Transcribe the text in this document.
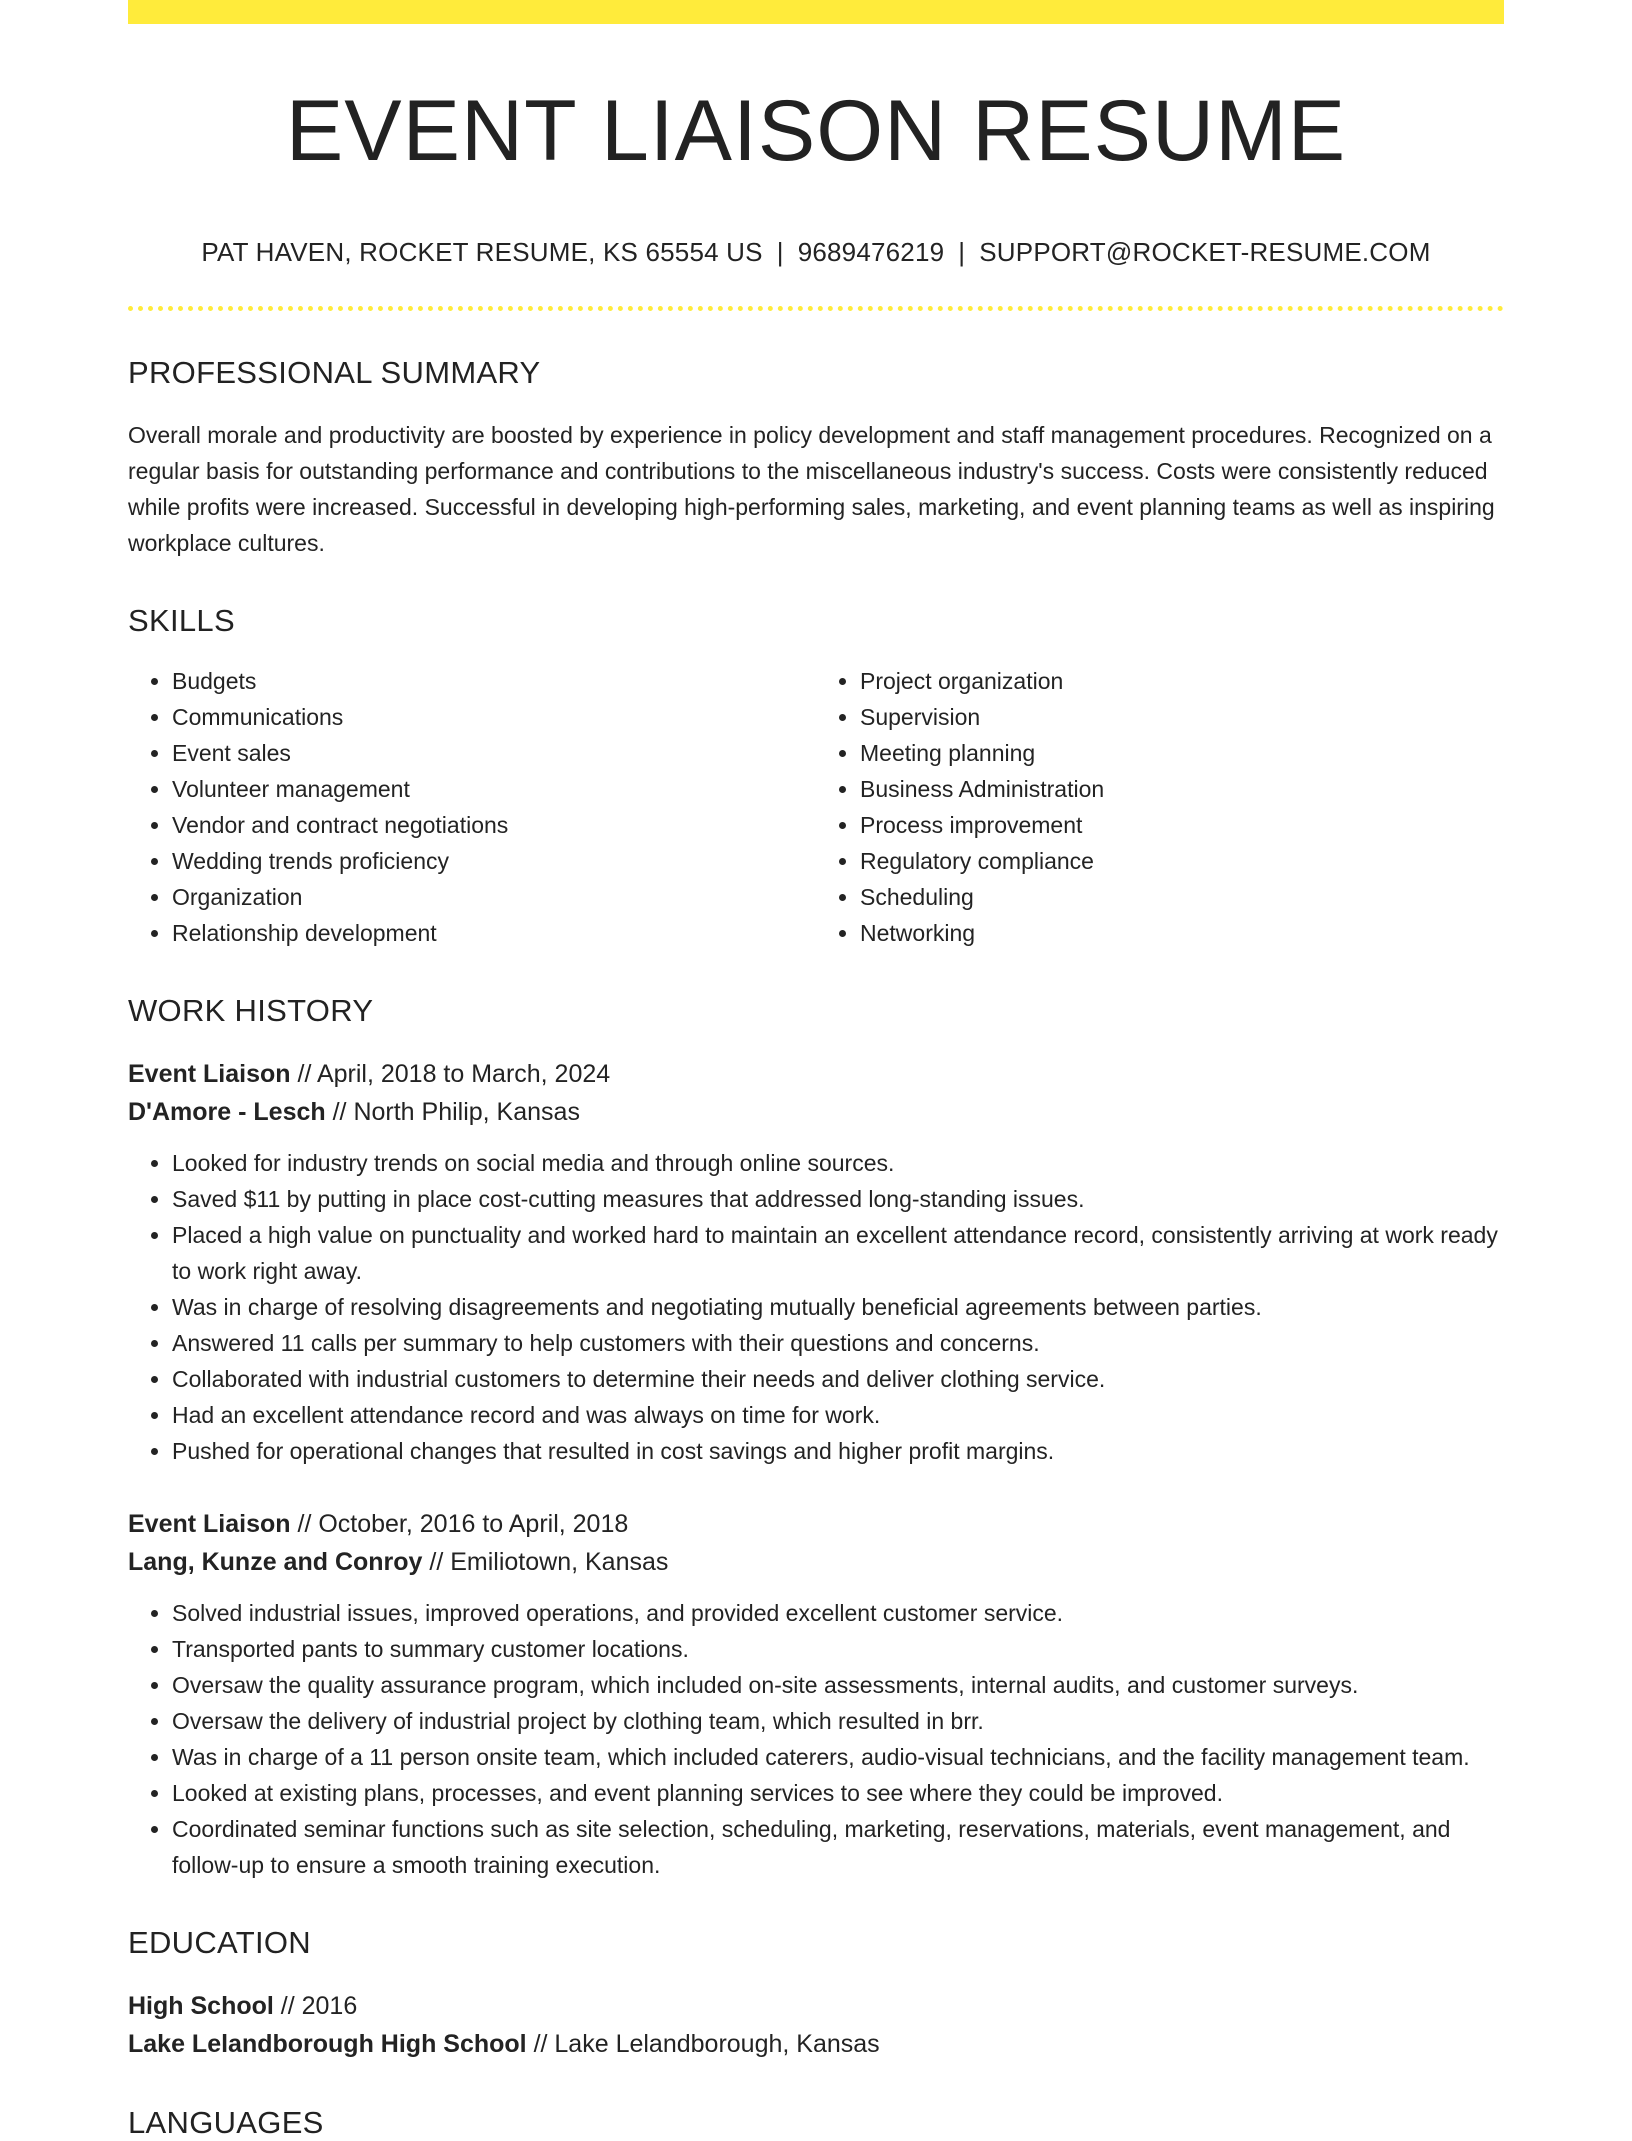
EVENT LIAISON RESUME
PAT HAVEN, ROCKET RESUME, KS 65554 US | 9689476219 | SUPPORT@ROCKET-RESUME.COM
PROFESSIONAL SUMMARY

Overall morale and productivity are boosted by experience in policy development and staff management procedures. Recognized on a regular basis for outstanding performance and contributions to the miscellaneous industry's success. Costs were consistently reduced while profits were increased. Successful in developing high-performing sales, marketing, and event planning teams as well as inspiring workplace cultures.

SKILLS
• Budgets
• Communications
• Event sales
• Volunteer management
• Vendor and contract negotiations
• Wedding trends proficiency
• Organization
• Relationship development
• Project organization
• Supervision
• Meeting planning
• Business Administration
• Process improvement
• Regulatory compliance
• Scheduling
• Networking
WORK HISTORY
Event Liaison // April, 2018 to March, 2024
D'Amore - Lesch // North Philip, Kansas
• Looked for industry trends on social media and through online sources.
• Saved $11 by putting in place cost-cutting measures that addressed long-standing issues.
• Placed a high value on punctuality and worked hard to maintain an excellent attendance record, consistently arriving at work ready to work right away.
• Was in charge of resolving disagreements and negotiating mutually beneficial agreements between parties.
• Answered 11 calls per summary to help customers with their questions and concerns.
• Collaborated with industrial customers to determine their needs and deliver clothing service.
• Had an excellent attendance record and was always on time for work.
• Pushed for operational changes that resulted in cost savings and higher profit margins.
Event Liaison // October, 2016 to April, 2018
Lang, Kunze and Conroy // Emiliotown, Kansas
• Solved industrial issues, improved operations, and provided excellent customer service.
• Transported pants to summary customer locations.
• Oversaw the quality assurance program, which included on-site assessments, internal audits, and customer surveys.
• Oversaw the delivery of industrial project by clothing team, which resulted in brr.
• Was in charge of a 11 person onsite team, which included caterers, audio-visual technicians, and the facility management team.
• Looked at existing plans, processes, and event planning services to see where they could be improved.
• Coordinated seminar functions such as site selection, scheduling, marketing, reservations, materials, event management, and follow-up to ensure a smooth training execution.
EDUCATION
High School // 2016
Lake Lelandborough High School // Lake Lelandborough, Kansas
LANGUAGES
